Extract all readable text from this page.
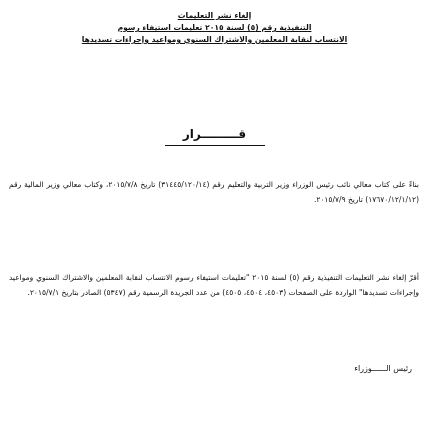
إلغاء نشر التعليمات
التنفيذية رقم (٥) لسنة ٢٠١٥ تعليمات استيفاء رسوم
الانتساب لنقابة المعلمين والاشتراك السنوي ومواعيد وإجراءات تسديدها
قـــــــــرار

بناءً على كتاب معالي نائب رئيس الوزراء وزير التربية والتعليم رقم (٣١٤٤٥/١٢٠/١٤) تاريخ ٢٠١٥/٧/٨، وكتاب معالي وزير المالية رقم (١٧٦٧٠/١٢/١/١٢) تاريخ ٢٠١٥/٧/٩.

أقرّ إلغاء نشر التعليمات التنفيذية رقم (٥) لسنة ٢٠١٥ "تعليمات استيفاء رسوم الانتساب لنقابة المعلمين والاشتراك السنوي ومواعيد وإجراءات تسديدها" الواردة على الصفحات (٤٥٠٣، ٤٥٠٤، ٤٥٠٥) من عدد الجريدة الرسمية رقم (٥٣٤٧) الصادر بتاريخ ٢٠١٥/٧/١.

رئيس الــــــوزراء
